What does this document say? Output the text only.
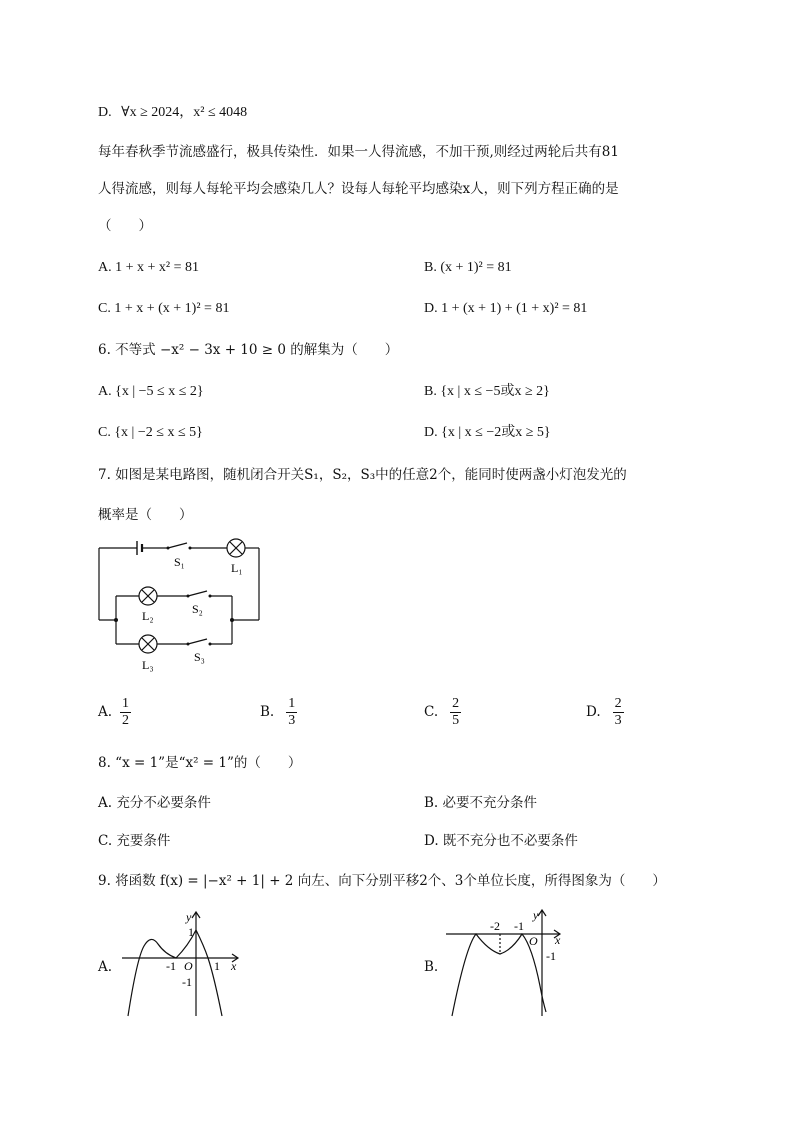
D. ∀x ≥ 2024，x² ≤ 4048
每年春秋季节流感盛行，极具传染性．如果一人得流感，不加干预,则经过两轮后共有81
人得流感，则每人每轮平均会感染几人？设每人每轮平均感染x人，则下列方程正确的是
（　　）
A. 1 + x + x² = 81	B. (x + 1)² = 81
C. 1 + x + (x + 1)² = 81	D. 1 + (x + 1) + (1 + x)² = 81
6. 不等式 −x² − 3x + 10 ≥ 0 的解集为（　　）
A. {x | −5 ≤ x ≤ 2}	B. {x | x ≤ −5或x ≥ 2}
C. {x | −2 ≤ x ≤ 5}	D. {x | x ≤ −2或x ≥ 5}
7. 如图是某电路图，随机闭合开关S₁，S₂，S₃中的任意2个，能同时使两盏小灯泡发光的
概率是（　　）
S₁	L₁
S₂
L₂
S₃
L₃
A. $\frac{1}{2}$	B. $\frac{1}{3}$	C. $\frac{2}{5}$	D. $\frac{2}{3}$
8. “x = 1”是“x² = 1”的（　　）
A. 充分不必要条件	B. 必要不充分条件
C. 充要条件	D. 既不充分也不必要条件
9. 将函数 f(x) = |−x² + 1| + 2 向左、向下分别平移2个、3个单位长度，所得图象为（　　）
A.
y
x
1
-1 O 1
-1
B.
y
x
-2 -1
O
-1
